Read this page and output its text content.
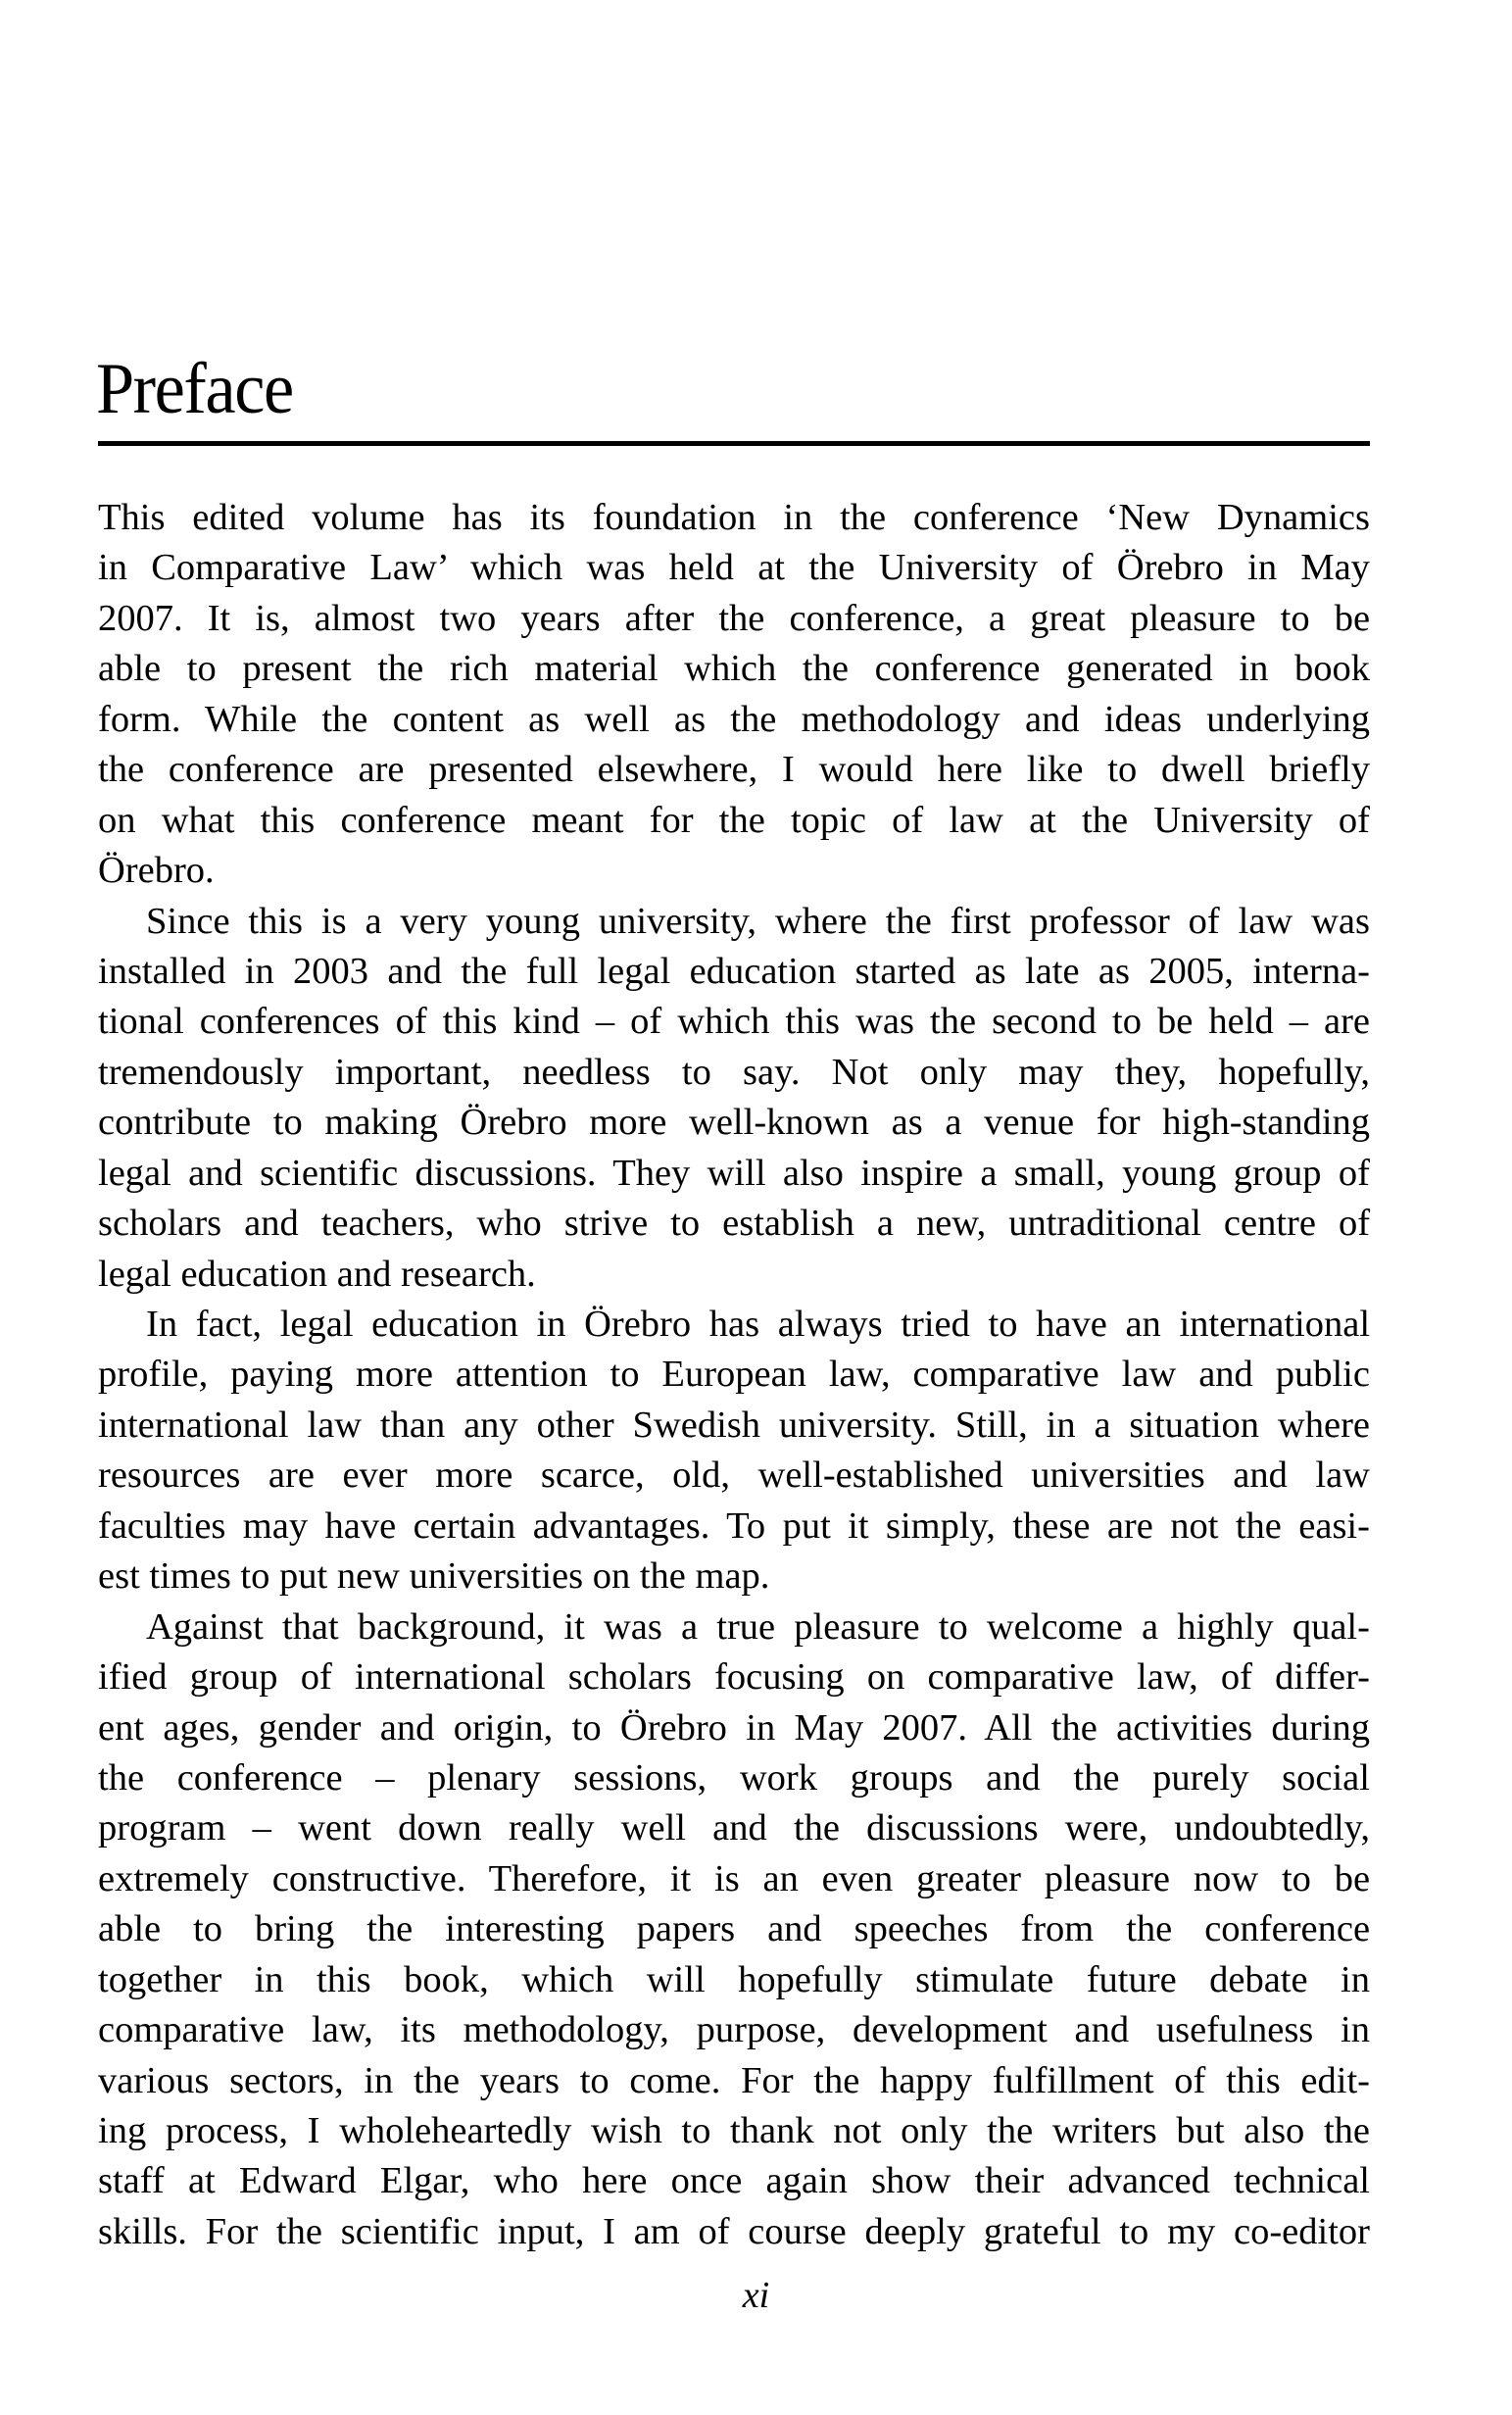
Preface
This edited volume has its foundation in the conference ‘New Dynamics
in Comparative Law’ which was held at the University of Örebro in May
2007. It is, almost two years after the conference, a great pleasure to be
able to present the rich material which the conference generated in book
form. While the content as well as the methodology and ideas underlying
the conference are presented elsewhere, I would here like to dwell briefly
on what this conference meant for the topic of law at the University of
Örebro.
Since this is a very young university, where the first professor of law was
installed in 2003 and the full legal education started as late as 2005, interna-
tional conferences of this kind – of which this was the second to be held – are
tremendously important, needless to say. Not only may they, hopefully,
contribute to making Örebro more well-known as a venue for high-standing
legal and scientific discussions. They will also inspire a small, young group of
scholars and teachers, who strive to establish a new, untraditional centre of
legal education and research.
In fact, legal education in Örebro has always tried to have an international
profile, paying more attention to European law, comparative law and public
international law than any other Swedish university. Still, in a situation where
resources are ever more scarce, old, well-established universities and law
faculties may have certain advantages. To put it simply, these are not the easi-
est times to put new universities on the map.
Against that background, it was a true pleasure to welcome a highly qual-
ified group of international scholars focusing on comparative law, of differ-
ent ages, gender and origin, to Örebro in May 2007. All the activities during
the conference – plenary sessions, work groups and the purely social
program – went down really well and the discussions were, undoubtedly,
extremely constructive. Therefore, it is an even greater pleasure now to be
able to bring the interesting papers and speeches from the conference
together in this book, which will hopefully stimulate future debate in
comparative law, its methodology, purpose, development and usefulness in
various sectors, in the years to come. For the happy fulfillment of this edit-
ing process, I wholeheartedly wish to thank not only the writers but also the
staff at Edward Elgar, who here once again show their advanced technical
skills. For the scientific input, I am of course deeply grateful to my co-editor
xi
